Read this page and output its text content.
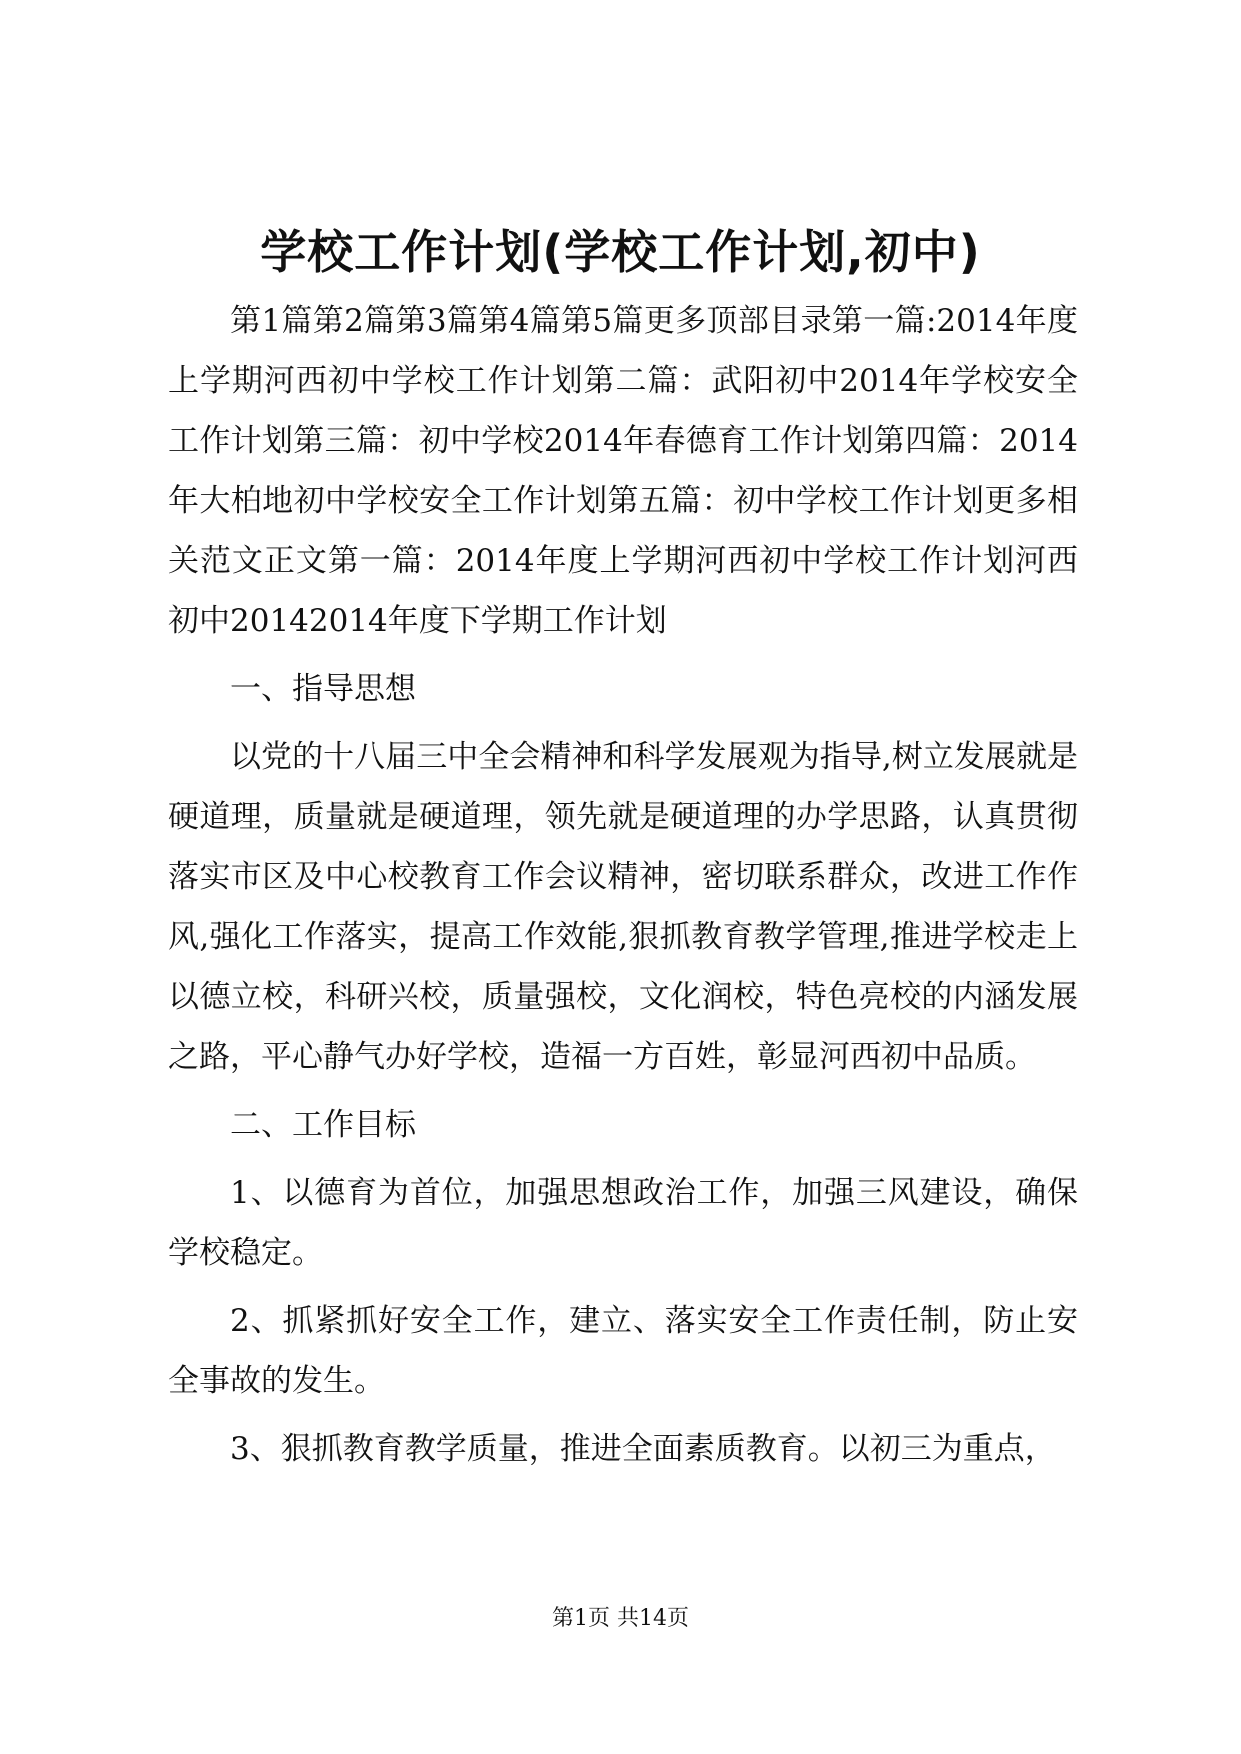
学校工作计划(学校工作计划,初中)

第1篇第2篇第3篇第4篇第5篇更多顶部目录第一篇:2014年度上学期河西初中学校工作计划第二篇：武阳初中2014年学校安全工作计划第三篇：初中学校2014年春德育工作计划第四篇：2014年大柏地初中学校安全工作计划第五篇：初中学校工作计划更多相关范文正文第一篇：2014年度上学期河西初中学校工作计划河西初中20142014年度下学期工作计划

一、指导思想

以党的十八届三中全会精神和科学发展观为指导,树立发展就是硬道理，质量就是硬道理，领先就是硬道理的办学思路，认真贯彻落实市区及中心校教育工作会议精神，密切联系群众，改进工作作风,强化工作落实，提高工作效能,狠抓教育教学管理,推进学校走上以德立校，科研兴校，质量强校，文化润校，特色亮校的内涵发展之路，平心静气办好学校，造福一方百姓，彰显河西初中品质。

二、工作目标

1、以德育为首位，加强思想政治工作，加强三风建设，确保学校稳定。

2、抓紧抓好安全工作，建立、落实安全工作责任制，防止安全事故的发生。

3、狠抓教育教学质量，推进全面素质教育。以初三为重点，

第1页 共14页
